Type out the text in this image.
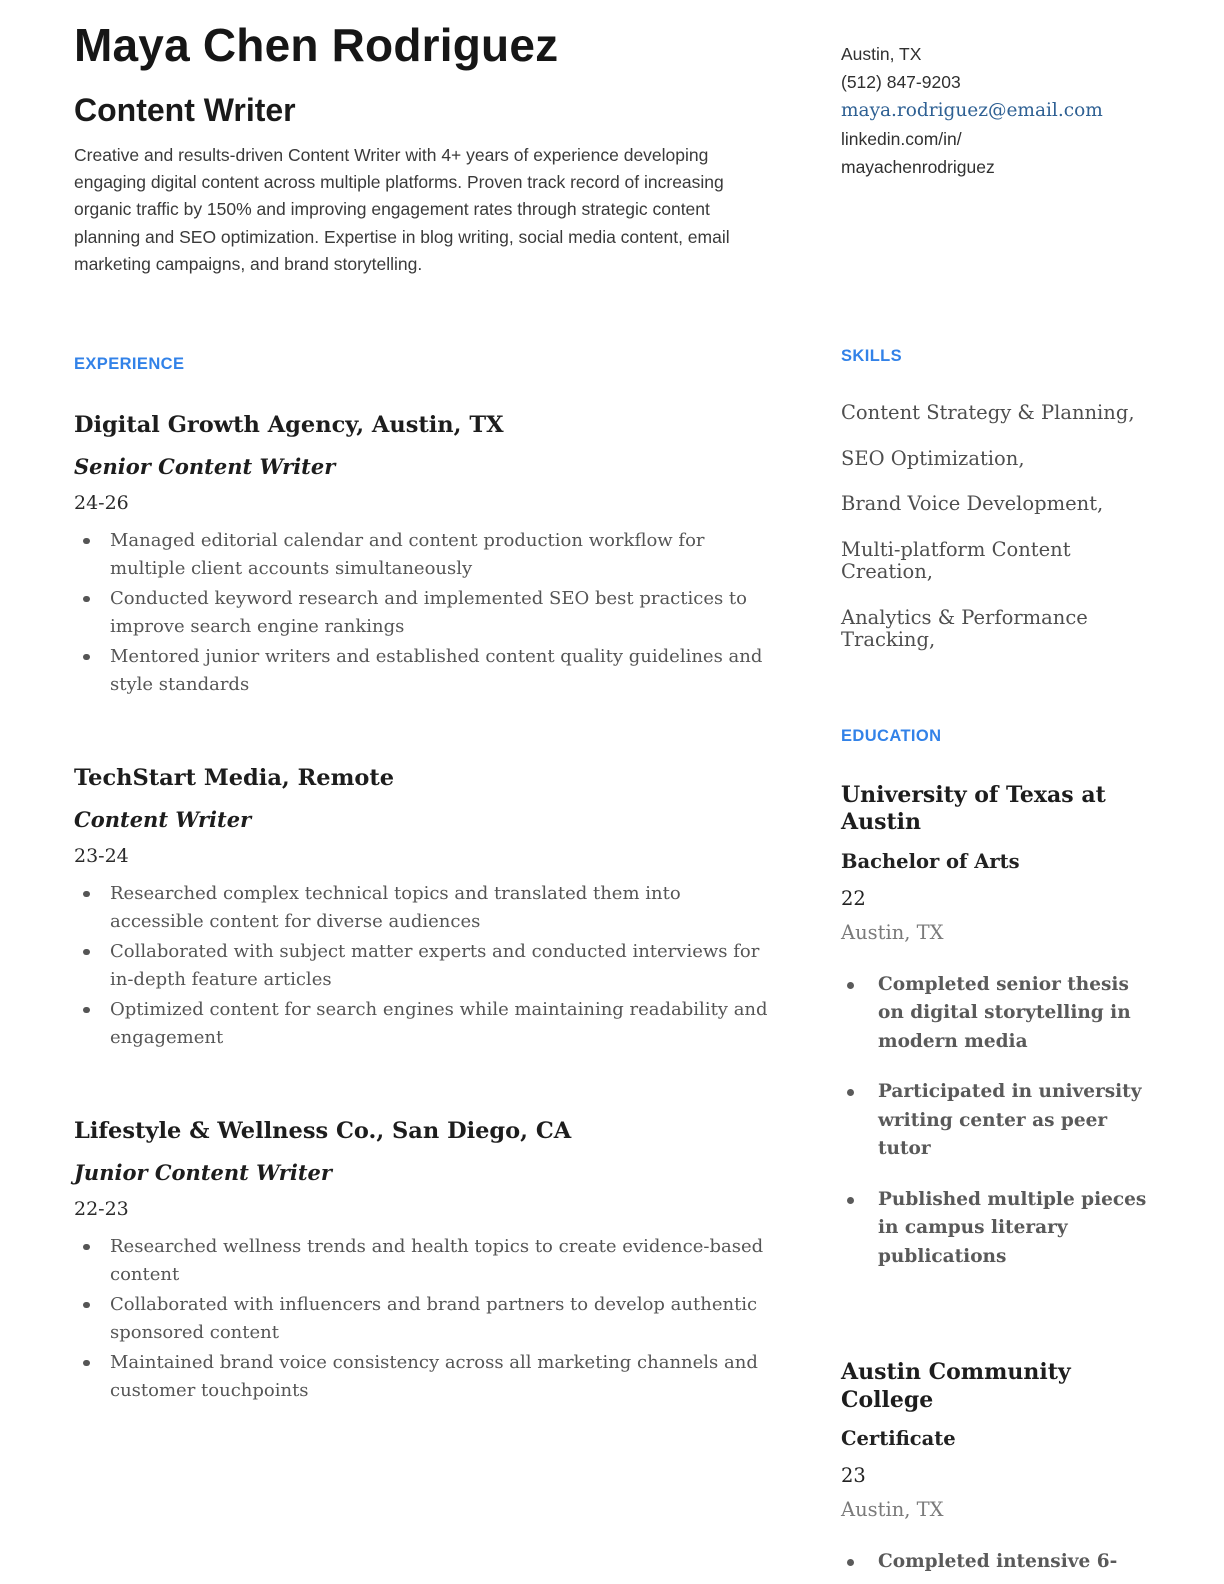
Maya Chen Rodriguez
Content Writer

Creative and results-driven Content Writer with 4+ years of experience developing engaging digital content across multiple platforms. Proven track record of increasing organic traffic by 150% and improving engagement rates through strategic content planning and SEO optimization. Expertise in blog writing, social media content, email marketing campaigns, and brand storytelling.

EXPERIENCE
Digital Growth Agency, Austin, TX
Senior Content Writer
24-26
Managed editorial calendar and content production workflow for multiple client accounts simultaneously
Conducted keyword research and implemented SEO best practices to improve search engine rankings
Mentored junior writers and established content quality guidelines and style standards
TechStart Media, Remote
Content Writer
23-24
Researched complex technical topics and translated them into accessible content for diverse audiences
Collaborated with subject matter experts and conducted interviews for in-depth feature articles
Optimized content for search engines while maintaining readability and engagement
Lifestyle & Wellness Co., San Diego, CA
Junior Content Writer
22-23
Researched wellness trends and health topics to create evidence-based content
Collaborated with influencers and brand partners to develop authentic sponsored content
Maintained brand voice consistency across all marketing channels and customer touchpoints
Austin, TX
(512) 847-9203
maya.rodriguez@email.com
linkedin.com/in/
mayachenrodriguez
SKILLS
Content Strategy & Planning,
SEO Optimization,
Brand Voice Development,
Multi-platform Content Creation,
Analytics & Performance Tracking,
EDUCATION
University of Texas at Austin
Bachelor of Arts
22
Austin, TX
Completed senior thesis on digital storytelling in modern media
Participated in university writing center as peer tutor
Published multiple pieces in campus literary publications
Austin Community College
Certificate
23
Austin, TX
Completed intensive 6-
